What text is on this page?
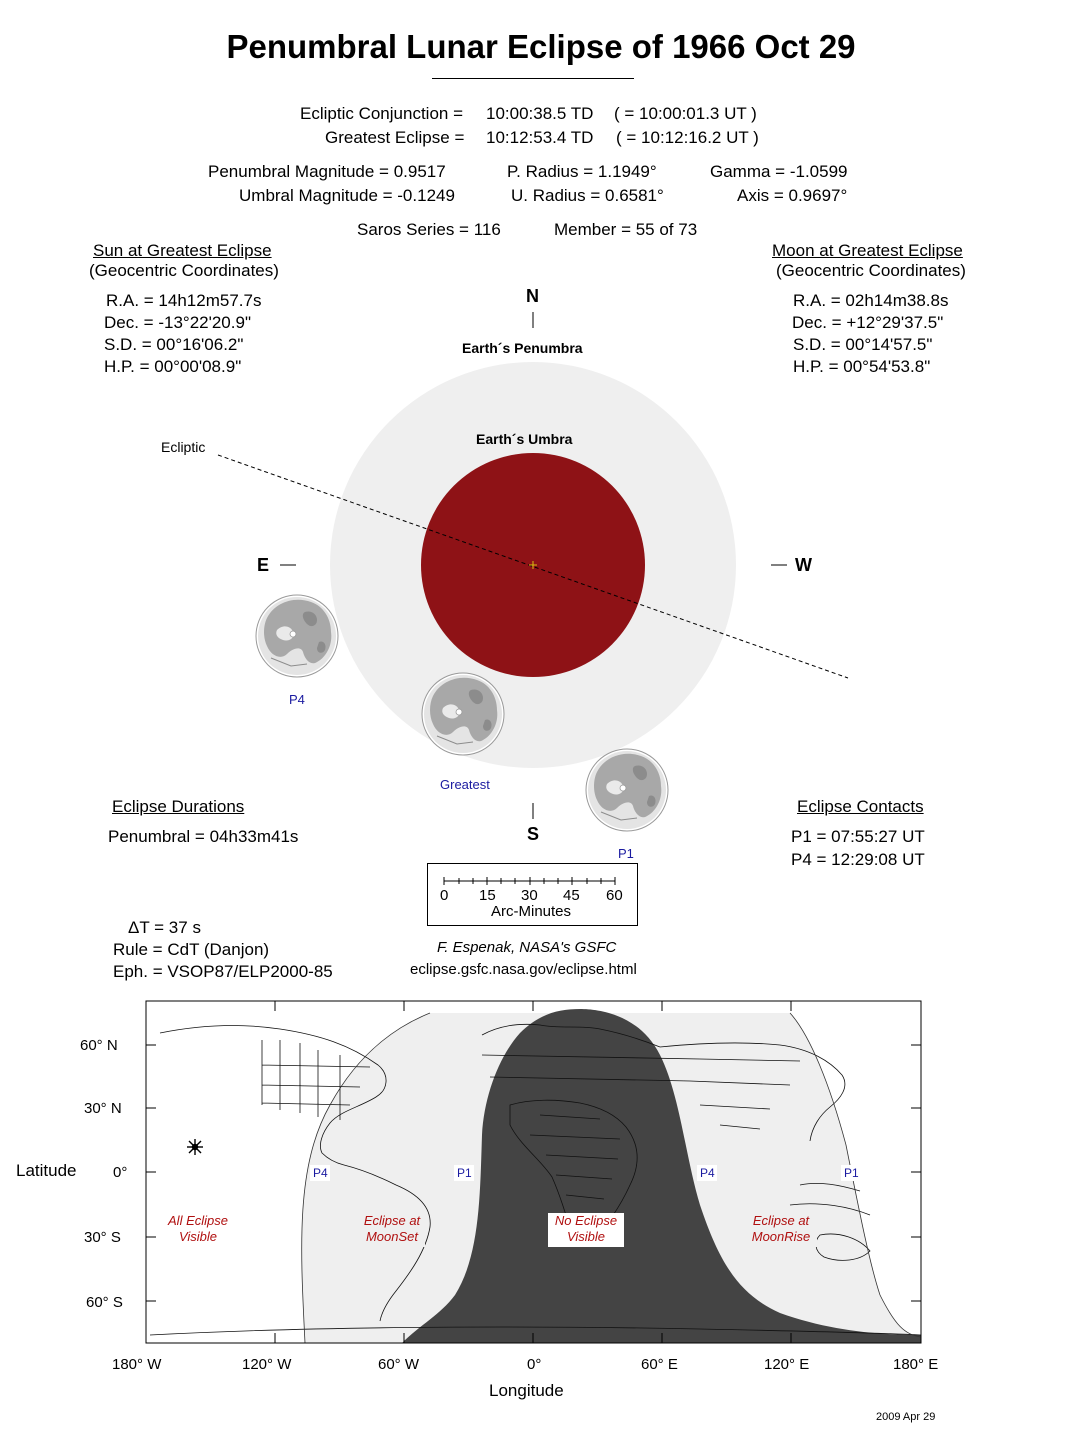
Penumbral Lunar Eclipse of 1966 Oct 29
Ecliptic Conjunction = 10:00:38.5 TD ( = 10:00:01.3 UT )
Greatest Eclipse = 10:12:53.4 TD ( = 10:12:16.2 UT )
Penumbral Magnitude = 0.9517
Umbral Magnitude = -0.1249
P. Radius = 1.1949°
U. Radius = 0.6581°
Gamma = -1.0599
Axis = 0.9697°
Saros Series = 116	Member = 55 of 73
Sun at Greatest Eclipse
(Geocentric Coordinates)
R.A. = 14h12m57.7s
Dec. = -13°22'20.9"
S.D. = 00°16'06.2"
H.P. = 00°00'08.9"
Moon at Greatest Eclipse
(Geocentric Coordinates)
R.A. = 02h14m38.8s
Dec. = +12°29'37.5"
S.D. = 00°14'57.5"
H.P. = 00°54'53.8"
N
S
E	W
Earth´s Penumbra
Earth´s Umbra
Ecliptic
P4
Greatest
P1
Eclipse Durations
Penumbral = 04h33m41s
Eclipse Contacts
P1 = 07:55:27 UT
P4 = 12:29:08 UT
0 15 30 45 60
Arc-Minutes
ΔT = 37 s
Rule = CdT (Danjon)
Eph. = VSOP87/ELP2000-85
F. Espenak, NASA's GSFC
eclipse.gsfc.nasa.gov/eclipse.html
Latitude
Longitude
60° N
30° N
0°
30° S
60° S
180° W	120° W	60° W	0°	60° E	120° E	180° E
P4	P1	P4	P1
All Eclipse
Visible
Eclipse at
MoonSet
No Eclipse
Visible
Eclipse at
MoonRise
2009 Apr 29
